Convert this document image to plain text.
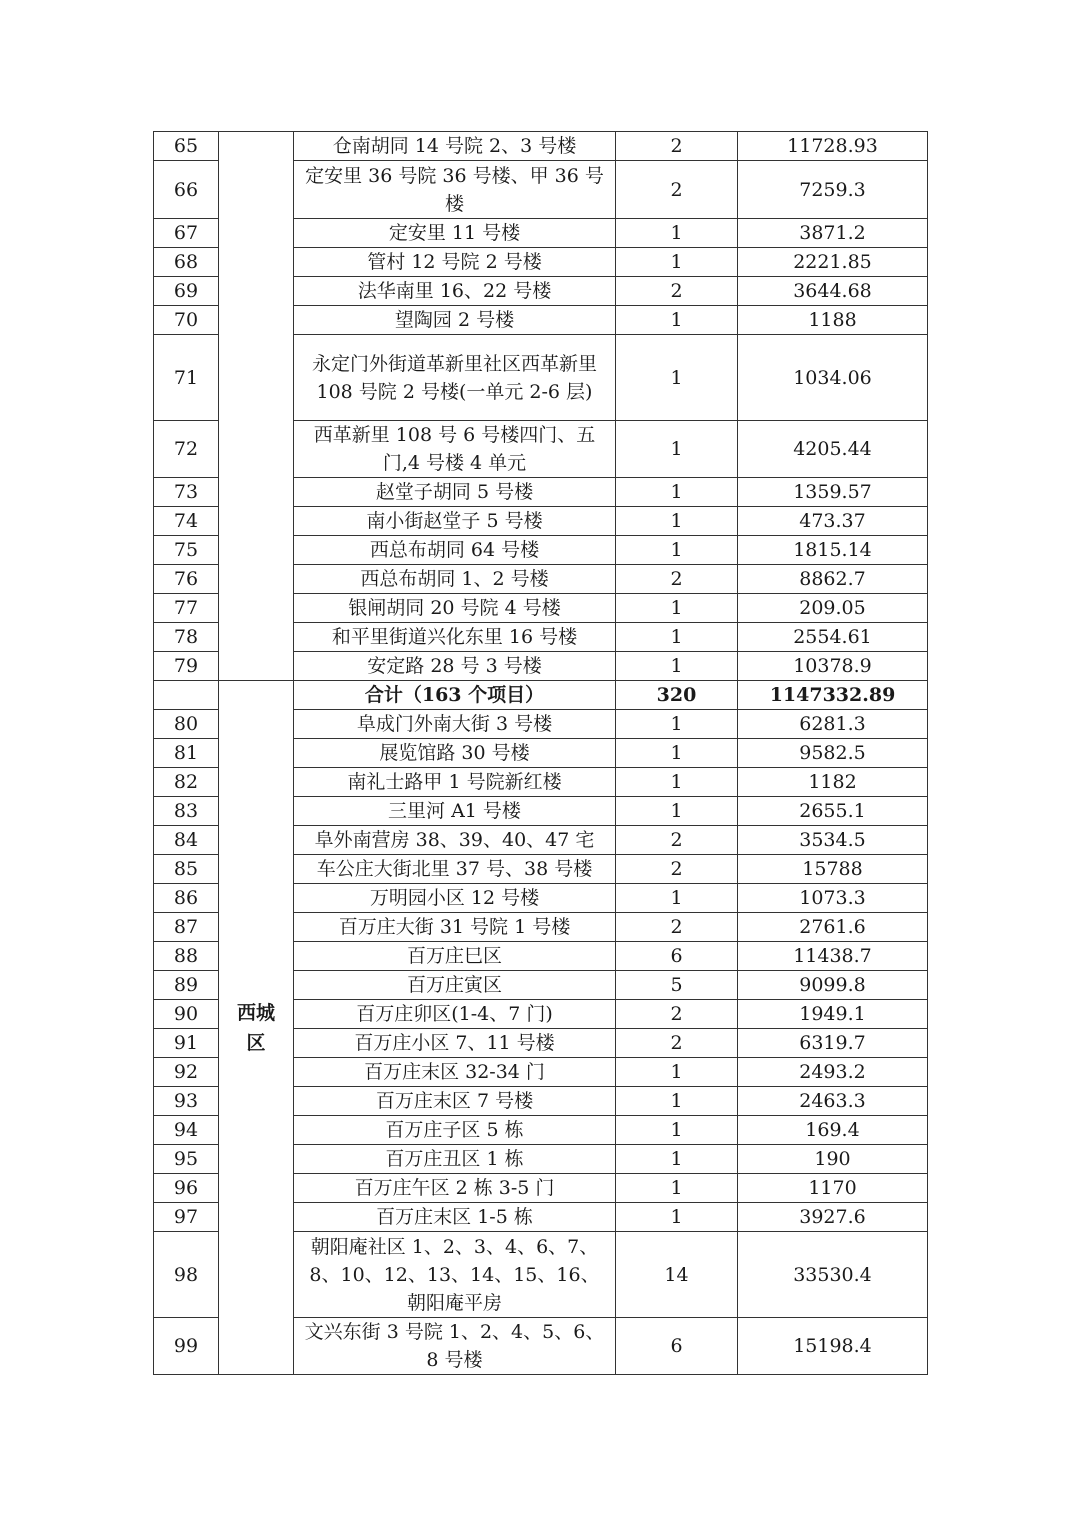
65		仓南胡同 14 号院 2、3 号楼	2	11728.93
66		定安里 36 号院 36 号楼、甲 36 号楼	2	7259.3
67		定安里 11 号楼	1	3871.2
68		管村 12 号院 2 号楼	1	2221.85
69		法华南里 16、22 号楼	2	3644.68
70		望陶园 2 号楼	1	1188
71		永定门外街道革新里社区西革新里 108 号院 2 号楼(一单元 2-6 层)	1	1034.06
72		西革新里 108 号 6 号楼四门、五门,4 号楼 4 单元	1	4205.44
73		赵堂子胡同 5 号楼	1	1359.57
74		南小街赵堂子 5 号楼	1	473.37
75		西总布胡同 64 号楼	1	1815.14
76		西总布胡同 1、2 号楼	2	8862.7
77		银闸胡同 20 号院 4 号楼	1	209.05
78		和平里街道兴化东里 16 号楼	1	2554.61
79		安定路 28 号 3 号楼	1	10378.9
	西城区	合计（163 个项目）	320	1147332.89
80		阜成门外南大街 3 号楼	1	6281.3
81		展览馆路 30 号楼	1	9582.5
82		南礼士路甲 1 号院新红楼	1	1182
83		三里河 A1 号楼	1	2655.1
84		阜外南营房 38、39、40、47 宅	2	3534.5
85		车公庄大街北里 37 号、38 号楼	2	15788
86		万明园小区 12 号楼	1	1073.3
87		百万庄大街 31 号院 1 号楼	2	2761.6
88		百万庄巳区	6	11438.7
89		百万庄寅区	5	9099.8
90		百万庄卯区(1-4、7 门)	2	1949.1
91		百万庄小区 7、11 号楼	2	6319.7
92		百万庄末区 32-34 门	1	2493.2
93		百万庄末区 7 号楼	1	2463.3
94		百万庄子区 5 栋	1	169.4
95		百万庄丑区 1 栋	1	190
96		百万庄午区 2 栋 3-5 门	1	1170
97		百万庄末区 1-5 栋	1	3927.6
98		朝阳庵社区 1、2、3、4、6、7、8、10、12、13、14、15、16、朝阳庵平房	14	33530.4
99		文兴东街 3 号院 1、2、4、5、6、8 号楼	6	15198.4
